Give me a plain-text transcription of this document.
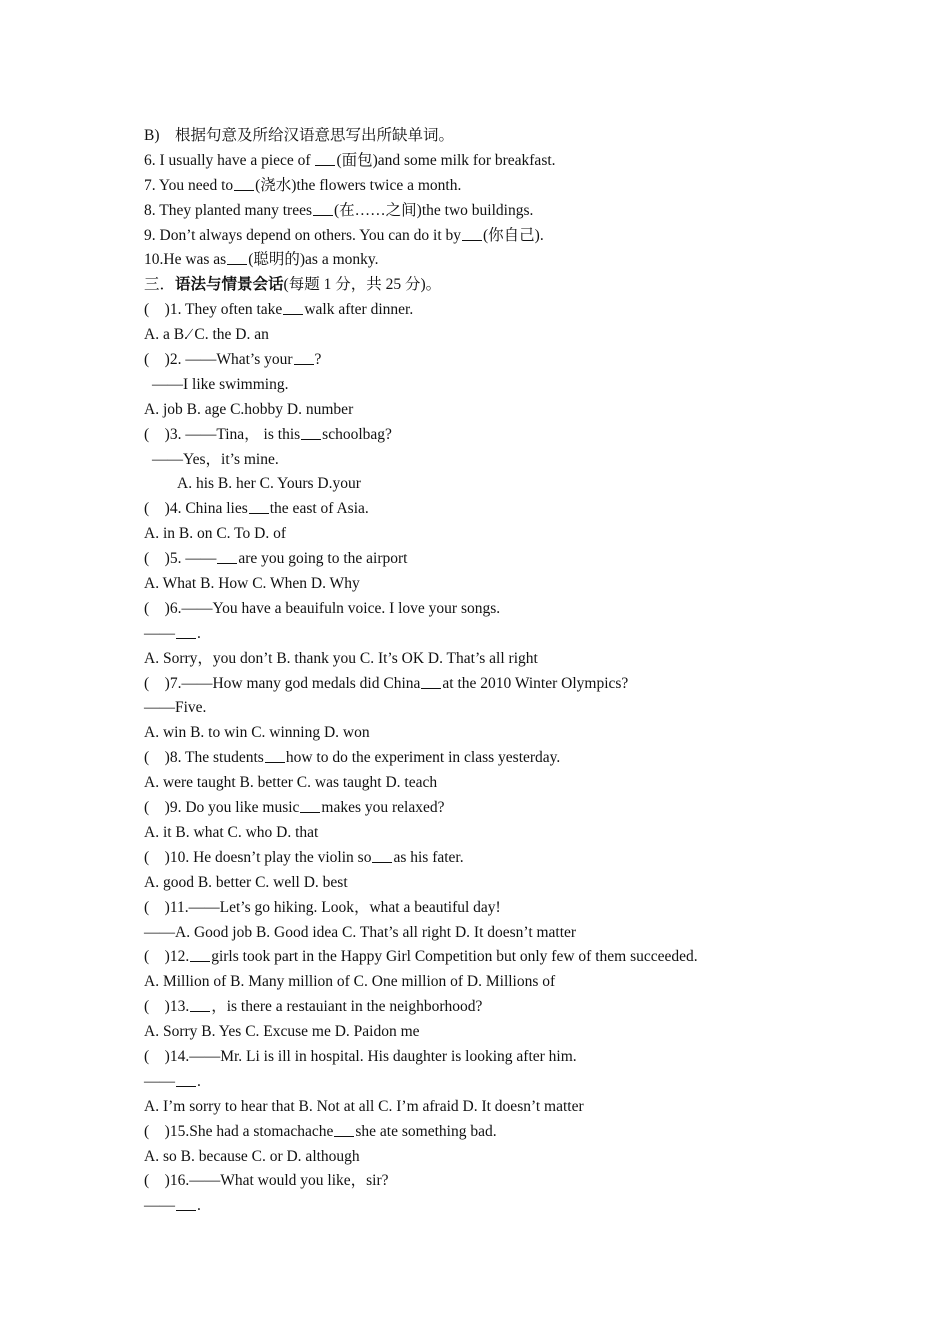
B)　根据句意及所给汉语意思写出所缺单词。
6. I usually have a piece of (面包)and some milk for breakfast.
7. You need to (浇水)the flowers twice a month.
8. They planted many trees (在……之间)the two buildings.
9. Don’t always depend on others. You can do it by (你自己).
10.He was as (聪明的)as a monky.
三．语法与情景会话(每题 1 分，共 25 分)。
(　)1. They often take walk after dinner.
A. a B.∕ C. the D. an
(　)2. ——What’s your ?
——I like swimming.
A. job B. age C.hobby D. number
(　)3. ——Tina， is this schoolbag?
——Yes，it’s mine.
A. his B. her C. Yours D.your
(　)4. China lies the east of Asia.
A. in B. on C. To D. of
(　)5. —— are you going to the airport
A. What B. How C. When D. Why
(　)6.——You have a beauifuln voice. I love your songs.
—— .
A. Sorry，you don’t B. thank you C. It’s OK D. That’s all right
(　)7.——How many god medals did China at the 2010 Winter Olympics?
——Five.
A. win B. to win C. winning D. won
(　)8. The students how to do the experiment in class yesterday.
A. were taught B. better C. was taught D. teach
(　)9. Do you like music makes you relaxed?
A. it B. what C. who D. that
(　)10. He doesn’t play the violin so as his fater.
A. good B. better C. well D. best
(　)11.——Let’s go hiking. Look，what a beautiful day!
——A. Good job B. Good idea C. That’s all right D. It doesn’t matter
(　)12. girls took part in the Happy Girl Competition but only few of them succeeded.
A. Million of B. Many million of C. One million of D. Millions of
(　)13. ，is there a restauiant in the neighborhood?
A. Sorry B. Yes C. Excuse me D. Paidon me
(　)14.——Mr. Li is ill in hospital. His daughter is looking after him.
—— .
A. I’m sorry to hear that B. Not at all C. I’m afraid D. It doesn’t matter
(　)15.She had a stomachache she ate something bad.
A. so B. because C. or D. although
(　)16.——What would you like，sir?
—— .
